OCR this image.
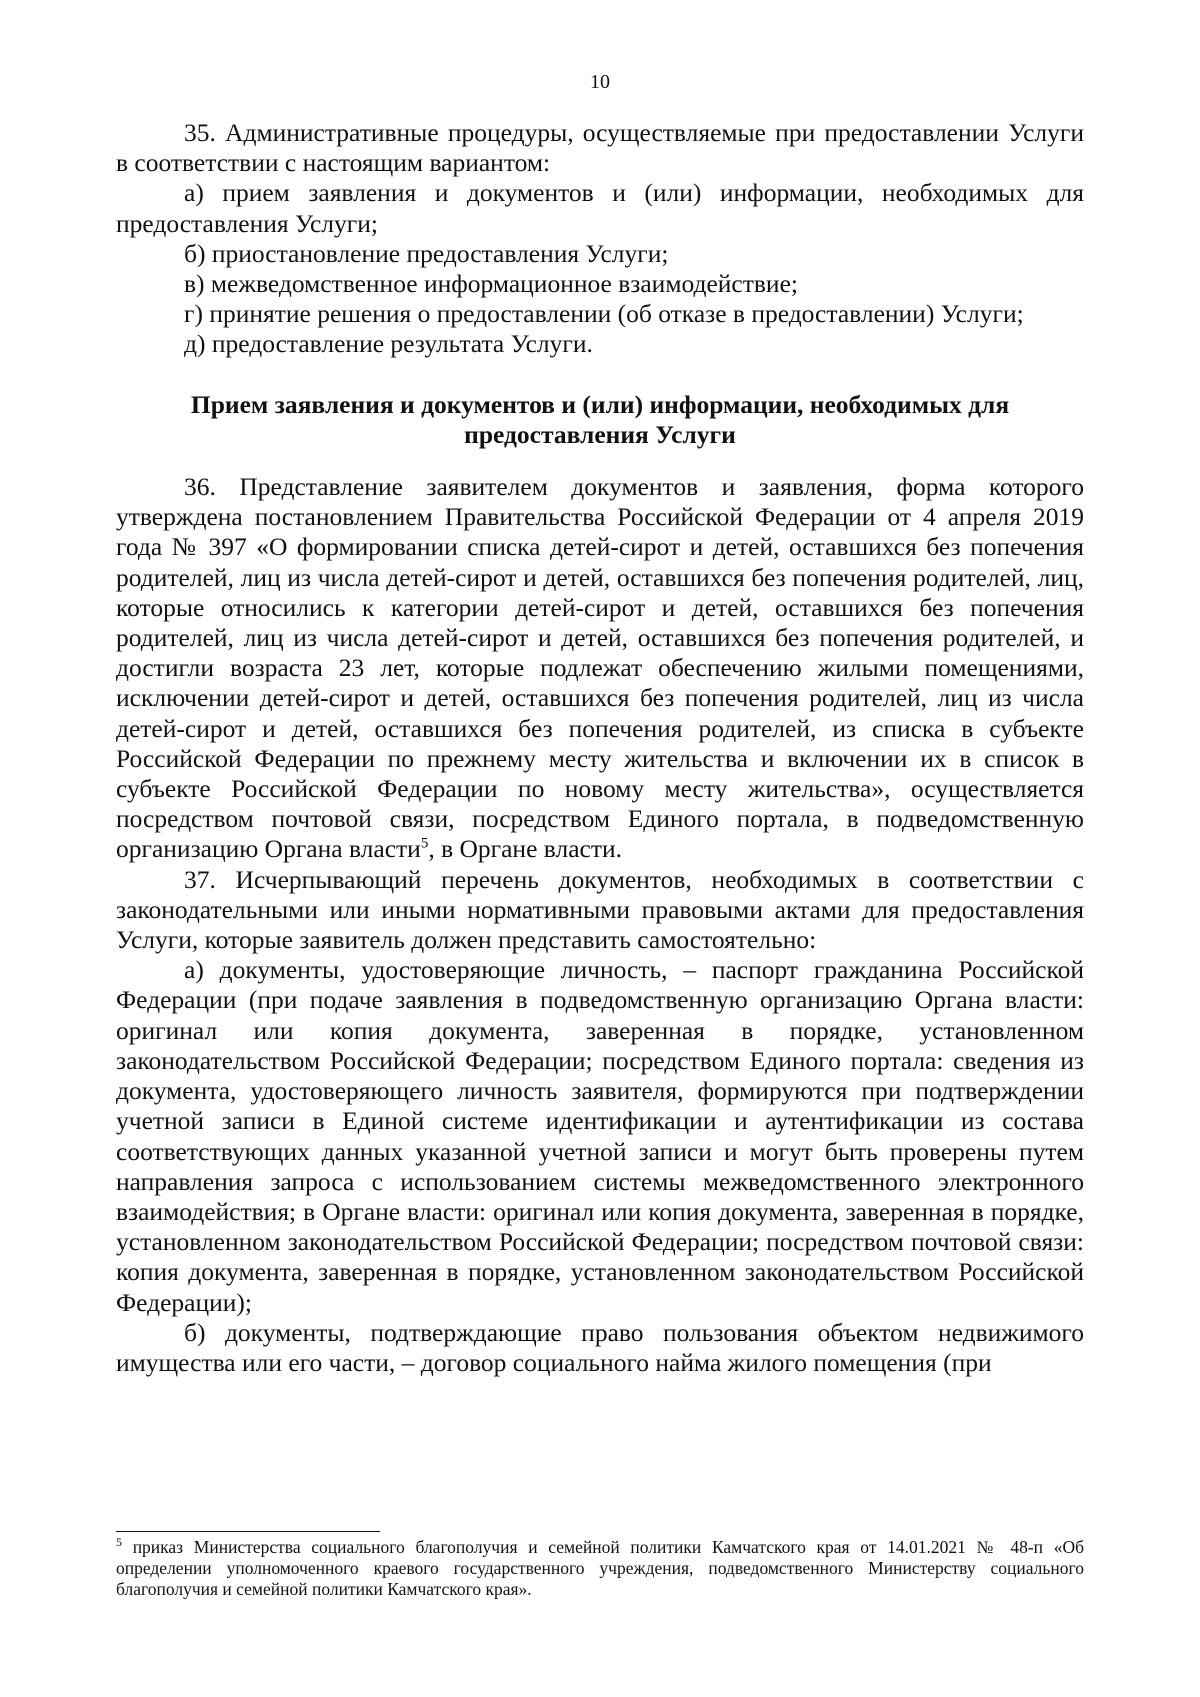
10

35. Административные процедуры, осуществляемые при предоставлении Услуги в соответствии с настоящим вариантом:

а) прием заявления и документов и (или) информации, необходимых для предоставления Услуги;

б) приостановление предоставления Услуги;

в) межведомственное информационное взаимодействие;

г) принятие решения о предоставлении (об отказе в предоставлении) Услуги;

д) предоставление результата Услуги.

Прием заявления и документов и (или) информации, необходимых для
предоставления Услуги

36. Представление заявителем документов и заявления, форма которого утверждена постановлением Правительства Российской Федерации от 4 апреля 2019 года № 397 «О формировании списка детей-сирот и детей, оставшихся без попечения родителей, лиц из числа детей-сирот и детей, оставшихся без попечения родителей, лиц, которые относились к категории детей-сирот и детей, оставшихся без попечения родителей, лиц из числа детей-сирот и детей, оставшихся без попечения родителей, и достигли возраста 23 лет, которые подлежат обеспечению жилыми помещениями, исключении детей-сирот и детей, оставшихся без попечения родителей, лиц из числа детей-сирот и детей, оставшихся без попечения родителей, из списка в субъекте Российской Федерации по прежнему месту жительства и включении их в список в субъекте Российской Федерации по новому месту жительства», осуществляется посредством почтовой связи, посредством Единого портала, в подведомственную организацию Органа власти$^5$, в Органе власти.

37. Исчерпывающий перечень документов, необходимых в соответствии с законодательными или иными нормативными правовыми актами для предоставления Услуги, которые заявитель должен представить самостоятельно:

а) документы, удостоверяющие личность, – паспорт гражданина Российской Федерации (при подаче заявления в подведомственную организацию Органа власти: оригинал или копия документа, заверенная в порядке, установленном законодательством Российской Федерации; посредством Единого портала: сведения из документа, удостоверяющего личность заявителя, формируются при подтверждении учетной записи в Единой системе идентификации и аутентификации из состава соответствующих данных указанной учетной записи и могут быть проверены путем направления запроса с использованием системы межведомственного электронного взаимодействия; в Органе власти: оригинал или копия документа, заверенная в порядке, установленном законодательством Российской Федерации; посредством почтовой связи: копия документа, заверенная в порядке, установленном законодательством Российской Федерации);

б) документы, подтверждающие право пользования объектом недвижимого имущества или его части, – договор социального найма жилого помещения (при

$^5$ приказ Министерства социального благополучия и семейной политики Камчатского края от 14.01.2021 № 48-п «Об определении уполномоченного краевого государственного учреждения, подведомственного Министерству социального благополучия и семейной политики Камчатского края».
